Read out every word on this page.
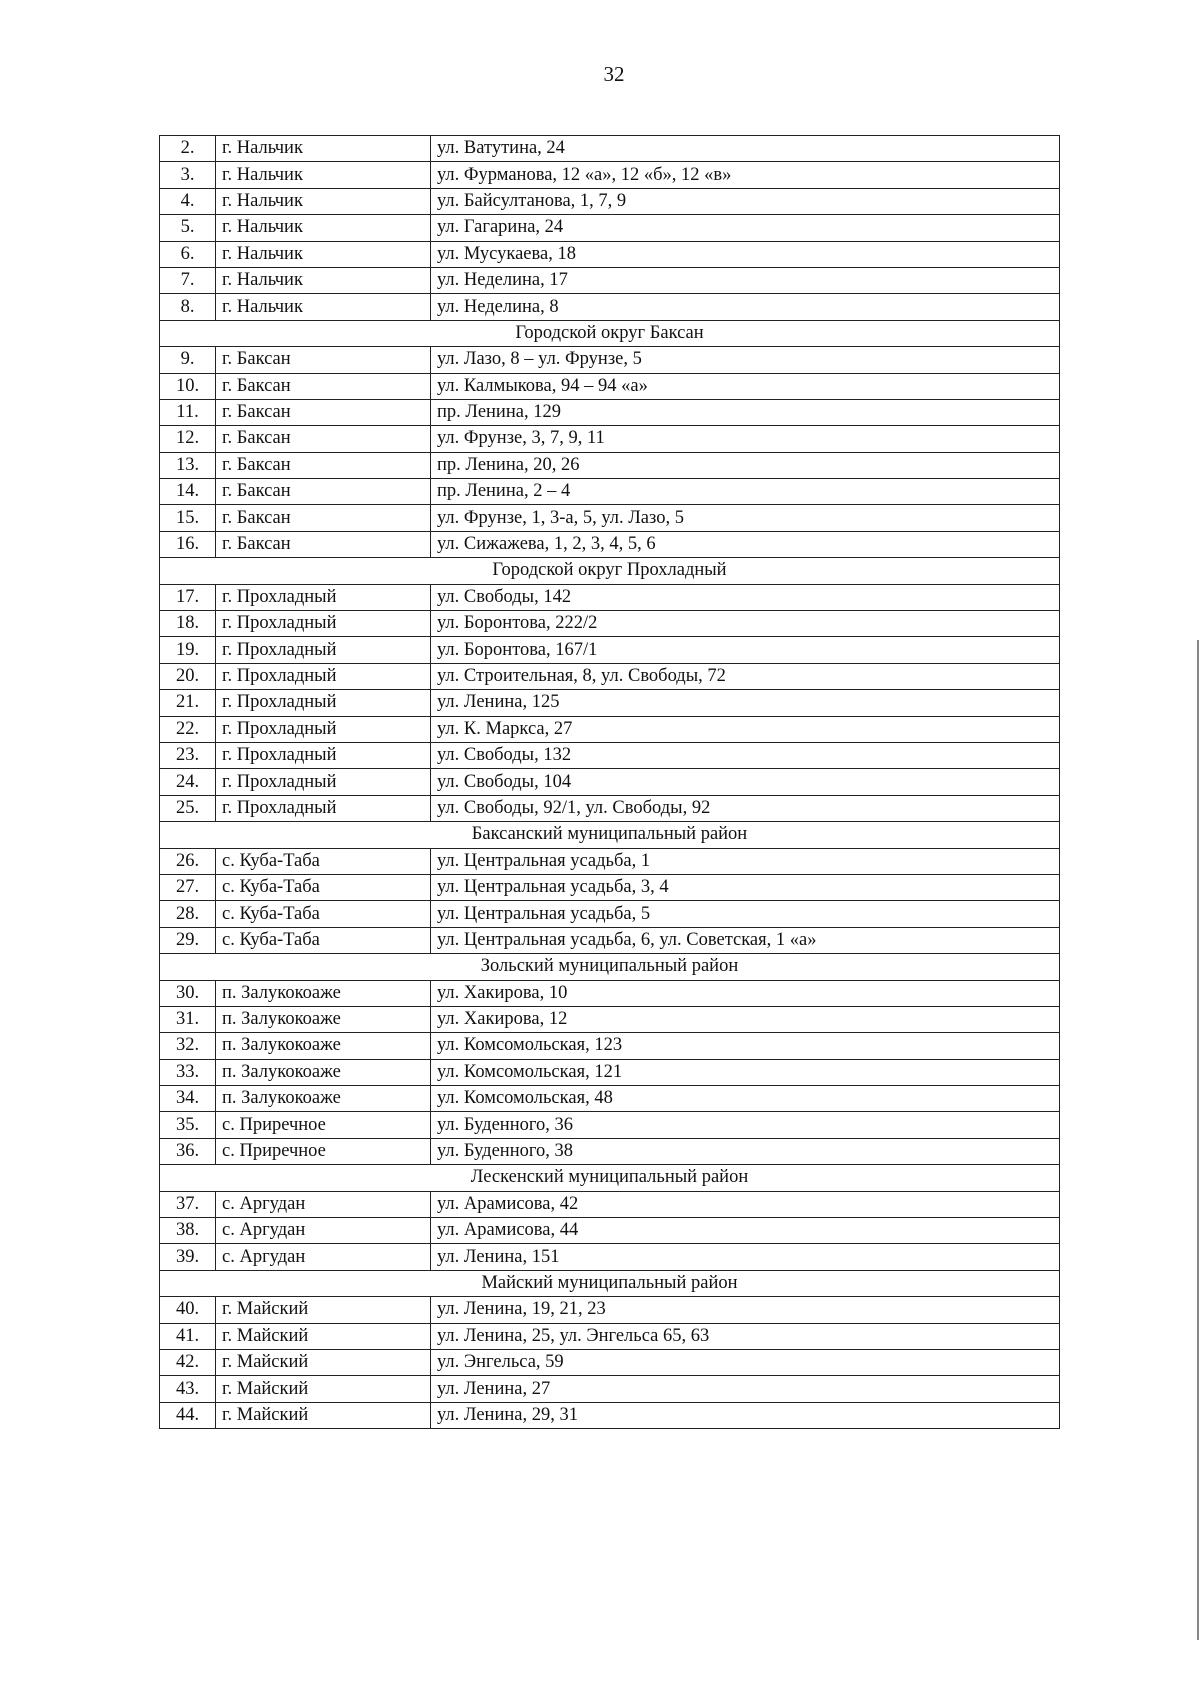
32
2.	г. Нальчик	ул. Ватутина, 24
3.	г. Нальчик	ул. Фурманова, 12 «а», 12 «б», 12 «в»
4.	г. Нальчик	ул. Байсултанова, 1, 7, 9
5.	г. Нальчик	ул. Гагарина, 24
6.	г. Нальчик	ул. Мусукаева, 18
7.	г. Нальчик	ул. Неделина, 17
8.	г. Нальчик	ул. Неделина, 8
Городской округ Баксан		
9.	г. Баксан	ул. Лазо, 8 – ул. Фрунзе, 5
10.	г. Баксан	ул. Калмыкова, 94 – 94 «а»
11.	г. Баксан	пр. Ленина, 129
12.	г. Баксан	ул. Фрунзе, 3, 7, 9, 11
13.	г. Баксан	пр. Ленина, 20, 26
14.	г. Баксан	пр. Ленина, 2 – 4
15.	г. Баксан	ул. Фрунзе, 1, 3-а, 5, ул. Лазо, 5
16.	г. Баксан	ул. Сижажева, 1, 2, 3, 4, 5, 6
Городской округ Прохладный		
17.	г. Прохладный	ул. Свободы, 142
18.	г. Прохладный	ул. Боронтова, 222/2
19.	г. Прохладный	ул. Боронтова, 167/1
20.	г. Прохладный	ул. Строительная, 8, ул. Свободы, 72
21.	г. Прохладный	ул. Ленина, 125
22.	г. Прохладный	ул. К. Маркса, 27
23.	г. Прохладный	ул. Свободы, 132
24.	г. Прохладный	ул. Свободы, 104
25.	г. Прохладный	ул. Свободы, 92/1, ул. Свободы, 92
Баксанский муниципальный район		
26.	с. Куба-Таба	ул. Центральная усадьба, 1
27.	с. Куба-Таба	ул. Центральная усадьба, 3, 4
28.	с. Куба-Таба	ул. Центральная усадьба, 5
29.	с. Куба-Таба	ул. Центральная усадьба, 6, ул. Советская, 1 «а»
Зольский муниципальный район		
30.	п. Залукокоаже	ул. Хакирова, 10
31.	п. Залукокоаже	ул. Хакирова, 12
32.	п. Залукокоаже	ул. Комсомольская, 123
33.	п. Залукокоаже	ул. Комсомольская, 121
34.	п. Залукокоаже	ул. Комсомольская, 48
35.	с. Приречное	ул. Буденного, 36
36.	с. Приречное	ул. Буденного, 38
Лескенский муниципальный район		
37.	с. Аргудан	ул. Арамисова, 42
38.	с. Аргудан	ул. Арамисова, 44
39.	с. Аргудан	ул. Ленина, 151
Майский муниципальный район		
40.	г. Майский	ул. Ленина, 19, 21, 23
41.	г. Майский	ул. Ленина, 25, ул. Энгельса 65, 63
42.	г. Майский	ул. Энгельса, 59
43.	г. Майский	ул. Ленина, 27
44.	г. Майский	ул. Ленина, 29, 31
